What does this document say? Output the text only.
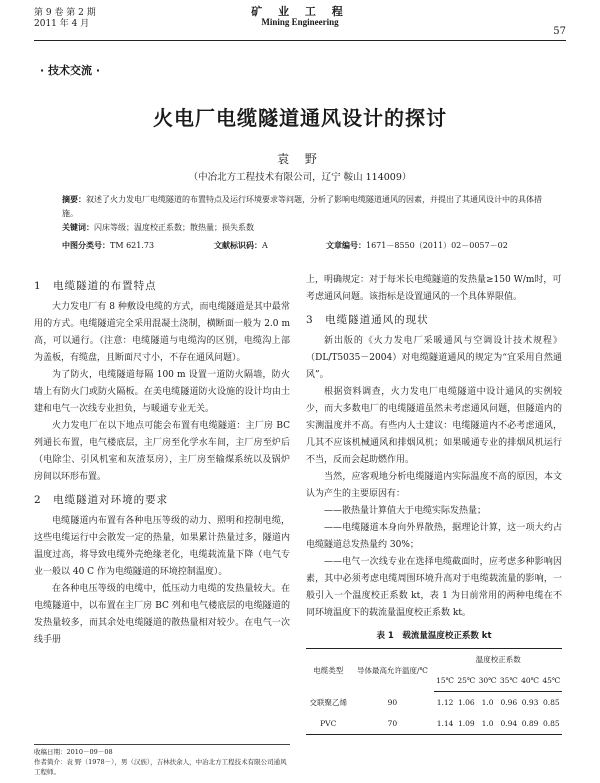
第 9 卷 第 2 期
2011 年 4 月
矿 业 工 程
Mining Engineering
57
· 技术交流 ·
火电厂电缆隧道通风设计的探讨
袁 野
（中冶北方工程技术有限公司，辽宁 鞍山 114009）
摘要：叙述了火力发电厂电缆隧道的布置特点及运行环境要求等问题，分析了影响电缆隧道通风的因素，并提出了其通风设计中的具体措施。
关键词：闪床等级；温度校正系数；散热量；损失系数
中图分类号：TM 621.73	文献标识码：A	文章编号：1671－8550（2011）02－0057－02
1　电缆隧道的布置特点

大力发电厂有 8 种敷设电缆的方式，而电缆隧道是其中最常用的方式。电缆隧道完全采用混凝土浇制，横断面一般为 2.0 m高，可以通行。（注意：电缆隧道与电缆沟的区别，电缆沟上部为盖板，有缆盘，且断面尺寸小，不存在通风问题）。

为了防火，电缆隧道每隔 100 m 设置一道防火隔墙，防火墙上有防火门或防火隔板。在美电缆隧道防火设施的设计均由土建和电气一次线专业担负，与暖通专业无关。

火力发电厂在以下地点可能会布置有电缆隧道：主厂房 BC 列通长布置，电气楼底层，主厂房至化学水车间，主厂房至炉后（电除尘、引风机室和灰渣泵房），主厂房至输煤系统以及锅炉房间以环形布置。

2　电缆隧道对环境的要求

电缆隧道内布置有各种电压等级的动力、照明和控制电缆，这些电缆运行中会散发一定的热量，如果累计热量过多，隧道内温度过高，将导致电缆外壳绝缘老化，电缆载流量下降（电气专业一般以 40 C 作为电缆隧道的环境控制温度）。

在各种电压等级的电缆中，低压动力电缆的发热量较大。在电缆隧道中，以布置在主厂房 BC 列和电气楼底层的电缆隧道的发热量较多，而其余处电缆隧道的散热量相对较少。在电气一次线手册

上，明确规定：对于每米长电缆隧道的发热量≥150 W/m时，可考虑通风问题。该指标是设置通风的一个具体界限值。

3　电缆隧道通风的现状

新出版的《火力发电厂采暖通风与空调设计技术规程》（DL/T5035－2004）对电缆隧道通风的规定为“宜采用自然通风”。

根据资料调查，火力发电厂电缆隧道中设计通风的实例较少，而大多数电厂的电缆隧道虽然未考虑通风问题，但隧道内的实测温度并不高。有些内人士建议：电缆隧道内不必考虑通风，几其不应该机械通风和排烟风机；如果暖通专业的排烟风机运行不当，反而会起助燃作用。

当然，应客观地分析电缆隧道内实际温度不高的原因，本文认为产生的主要原因有：

——散热量计算值大于电缆实际发热量；

——电缆隧道本身向外界散热，据理论计算，这一项大约占电缆隧道总发热量约 30%；

——电气一次线专业在选择电缆截面时，应考虑多种影响因素，其中必须考虑电缆周围环境升高对于电缆载流量的影响，一般引入一个温度校正系数 kt，表 1 为日前常用的两种电缆在不同环境温度下的载流量温度校正系数 kt。

表 1　载流量温度校正系数 kt
电缆类型	导体最高允许温度/℃	温度校正系数					
		15℃	25℃	30℃	35℃	40℃	45℃
交联聚乙烯	90	1.12	1.06	1.0	0.96	0.93	0.85
PVC	70	1.14	1.09	1.0	0.94	0.89	0.85
收稿日期：2010－09－08
作者简介：袁 野（1978－），男（汉族），吉林扶余人，中冶北方工程技术有限公司通风工程师。
